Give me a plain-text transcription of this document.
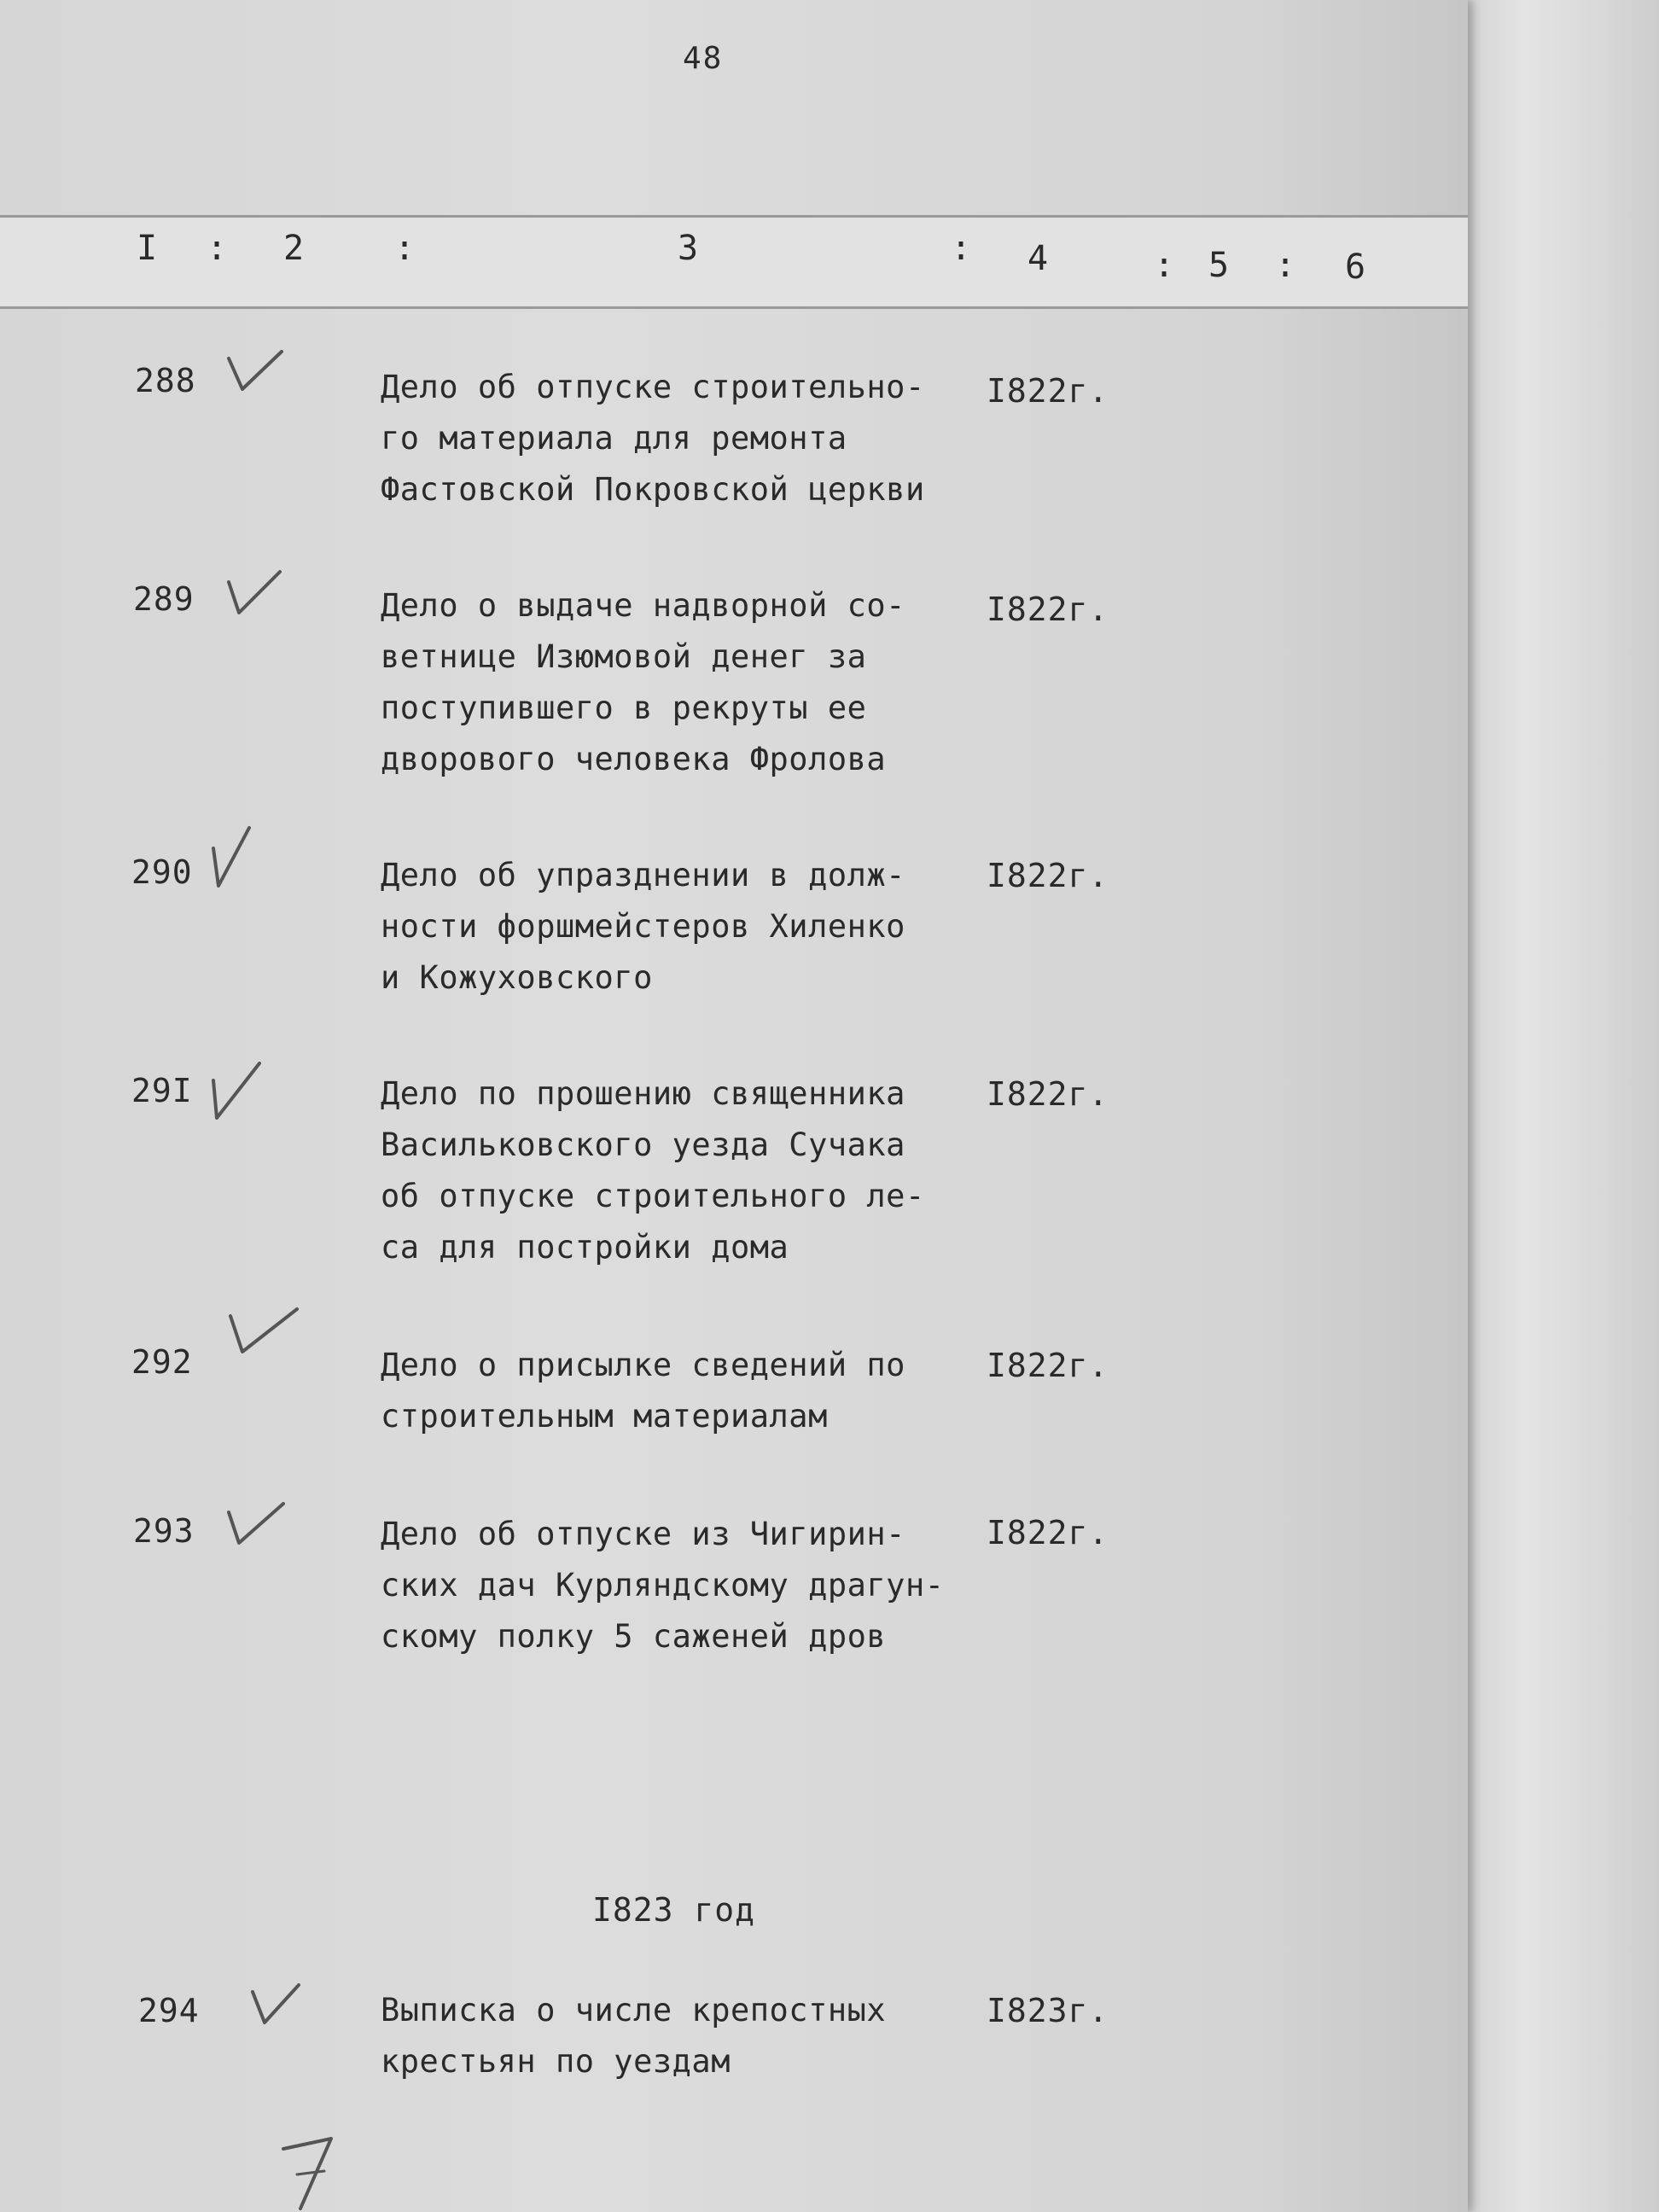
48
I : 2	:	3	: 4	: 5 : 6
288	Дело об отпуске строительно-
го материала для ремонта
Фастовской Покровской церкви
I822г.
289	Дело о выдаче надворной со-
ветнице Изюмовой денег за
поступившего в рекруты ее
дворового человека Фролова
I822г.
290	Дело об упразднении в долж-
ности форшмейстеров Хиленко
и Кожуховского
I822г.
29I	Дело по прошению священника
Васильковского уезда Сучака
об отпуске строительного ле-
са для постройки дома
I822г.
292	Дело о присылке сведений по
строительным материалам
I822г.
293	Дело об отпуске из Чигирин-
ских дач Курляндскому драгун-
скому полку 5 саженей дров
I822г.
I823 год
294	Выписка о числе крепостных
крестьян по уездам
I823г.
